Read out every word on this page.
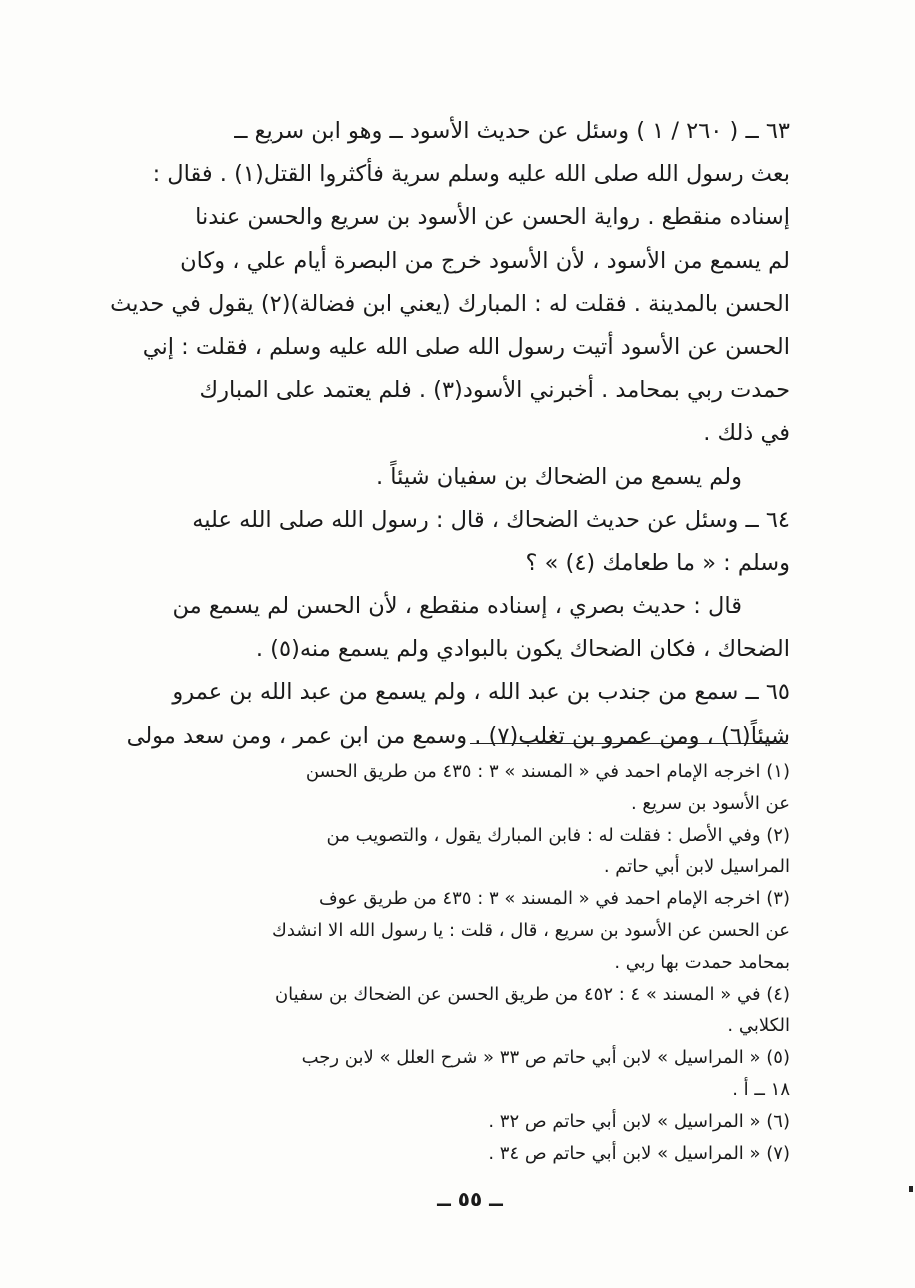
٦٣ ــ ( ٢٦٠ / ١ ) وسئل عن حديث الأسود ــ وهو ابن سريع ــ
بعث رسول الله صلى الله عليه وسلم سرية فأكثروا القتل(١) . فقال :
إسناده منقطع . رواية الحسن عن الأسود بن سريع والحسن عندنا
لم يسمع من الأسود ، لأن الأسود خرج من البصرة أيام علي ، وكان
الحسن بالمدينة . فقلت له : المبارك (يعني ابن فضالة)(٢) يقول في حديث
الحسن عن الأسود أتيت رسول الله صلى الله عليه وسلم ، فقلت : إني
حمدت ربي بمحامد . أخبرني الأسود(٣) . فلم يعتمد على المبارك
في ذلك .
ولم يسمع من الضحاك بن سفيان شيئاً .
٦٤ ــ وسئل عن حديث الضحاك ، قال : رسول الله صلى الله عليه
وسلم : « ما طعامك (٤) » ؟
قال : حديث بصري ، إسناده منقطع ، لأن الحسن لم يسمع من
الضحاك ، فكان الضحاك يكون بالبوادي ولم يسمع منه(٥) .
٦٥ ــ سمع من جندب بن عبد الله ، ولم يسمع من عبد الله بن عمرو
شيئاً(٦) ، ومن عمرو بن تغلب(٧) . وسمع من ابن عمر ، ومن سعد مولى
(١) اخرجه الإمام احمد في « المسند » ٣ : ٤٣٥ من طريق الحسن
عن الأسود بن سريع .
(٢) وفي الأصل : فقلت له : فابن المبارك يقول ، والتصويب من
المراسيل لابن أبي حاتم .
(٣) اخرجه الإمام احمد في « المسند » ٣ : ٤٣٥ من طريق عوف
عن الحسن عن الأسود بن سريع ، قال ، قلت : يا رسول الله الا انشدك
بمحامد حمدت بها ربي .
(٤) في « المسند » ٤ : ٤٥٢ من طريق الحسن عن الضحاك بن سفيان
الكلابي .
(٥) « المراسيل » لابن أبي حاتم ص ٣٣ « شرح العلل » لابن رجب
١٨ ــ أ .
(٦) « المراسيل » لابن أبي حاتم ص ٣٢ .
(٧) « المراسيل » لابن أبي حاتم ص ٣٤ .
ــ ٥٥ ــ
